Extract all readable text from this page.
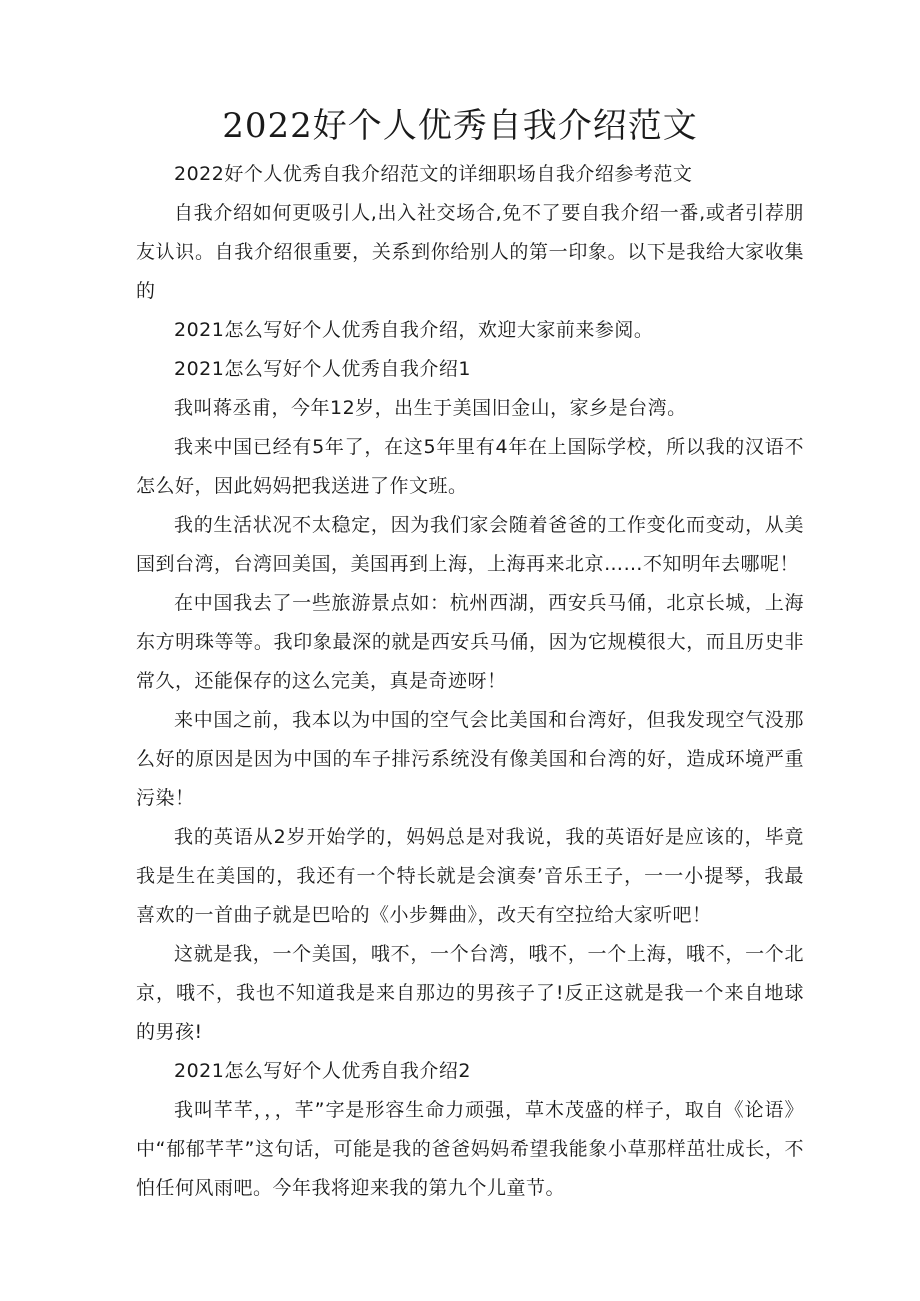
2022好个人优秀自我介绍范文

2022好个人优秀自我介绍范文的详细职场自我介绍参考范文

自我介绍如何更吸引人,出入社交场合,免不了要自我介绍一番,或者引荐朋友认识。自我介绍很重要，关系到你给别人的第一印象。以下是我给大家收集的

2021怎么写好个人优秀自我介绍，欢迎大家前来参阅。

2021怎么写好个人优秀自我介绍1

我叫蒋丞甫，今年12岁，出生于美国旧金山，家乡是台湾。

我来中国已经有5年了，在这5年里有4年在上国际学校，所以我的汉语不怎么好，因此妈妈把我送进了作文班。

我的生活状况不太稳定，因为我们家会随着爸爸的工作变化而变动，从美国到台湾，台湾回美国，美国再到上海，上海再来北京……不知明年去哪呢！

在中国我去了一些旅游景点如：杭州西湖，西安兵马俑，北京长城，上海东方明珠等等。我印象最深的就是西安兵马俑，因为它规模很大，而且历史非常久，还能保存的这么完美，真是奇迹呀！

来中国之前，我本以为中国的空气会比美国和台湾好，但我发现空气没那么好的原因是因为中国的车子排污系统没有像美国和台湾的好，造成环境严重污染！

我的英语从2岁开始学的，妈妈总是对我说，我的英语好是应该的，毕竟我是生在美国的，我还有一个特长就是会演奏’音乐王子，一一小提琴，我最喜欢的一首曲子就是巴哈的《小步舞曲》，改天有空拉给大家听吧！

这就是我，一个美国，哦不，一个台湾，哦不，一个上海，哦不，一个北京，哦不，我也不知道我是来自那边的男孩子了!反正这就是我一个来自地球的男孩!

2021怎么写好个人优秀自我介绍2

我叫芊芊，，，芊”字是形容生命力顽强，草木茂盛的样子，取自《论语》中“郁郁芊芊”这句话，可能是我的爸爸妈妈希望我能象小草那样茁壮成长，不怕任何风雨吧。今年我将迎来我的第九个儿童节。
